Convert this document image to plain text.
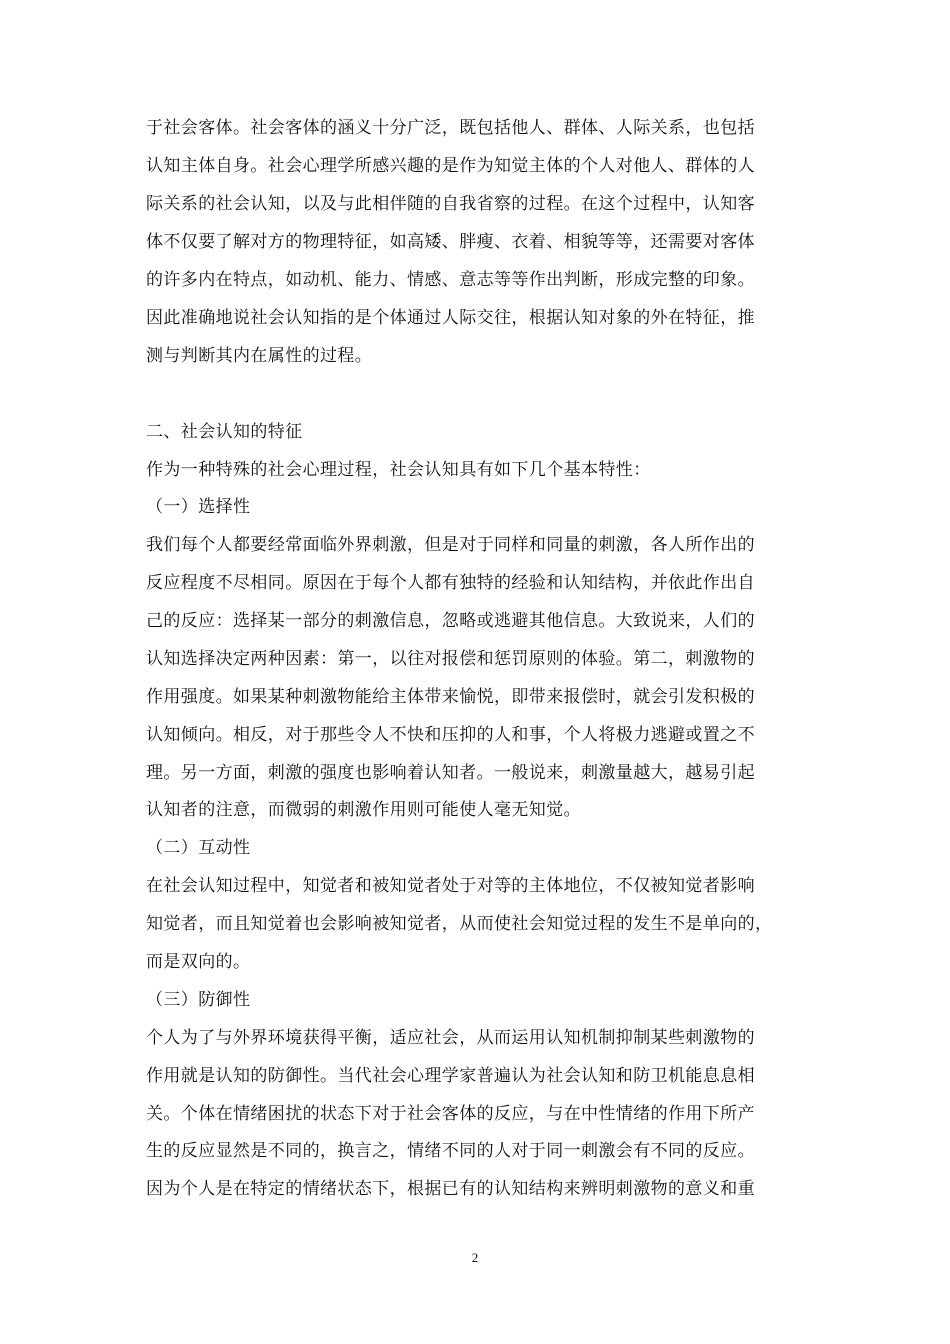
于社会客体。社会客体的涵义十分广泛，既包括他人、群体、人际关系，也包括
认知主体自身。社会心理学所感兴趣的是作为知觉主体的个人对他人、群体的人
际关系的社会认知，以及与此相伴随的自我省察的过程。在这个过程中，认知客
体不仅要了解对方的物理特征，如高矮、胖瘦、衣着、相貌等等，还需要对客体
的许多内在特点，如动机、能力、情感、意志等等作出判断，形成完整的印象。
因此准确地说社会认知指的是个体通过人际交往，根据认知对象的外在特征，推
测与判断其内在属性的过程。
二、社会认知的特征
作为一种特殊的社会心理过程，社会认知具有如下几个基本特性：
（一）选择性
我们每个人都要经常面临外界刺激，但是对于同样和同量的刺激，各人所作出的
反应程度不尽相同。原因在于每个人都有独特的经验和认知结构，并依此作出自
己的反应：选择某一部分的刺激信息，忽略或逃避其他信息。大致说来，人们的
认知选择决定两种因素：第一，以往对报偿和惩罚原则的体验。第二，刺激物的
作用强度。如果某种刺激物能给主体带来愉悦，即带来报偿时，就会引发积极的
认知倾向。相反，对于那些令人不快和压抑的人和事，个人将极力逃避或置之不
理。另一方面，刺激的强度也影响着认知者。一般说来，刺激量越大，越易引起
认知者的注意，而微弱的刺激作用则可能使人毫无知觉。
（二）互动性
在社会认知过程中，知觉者和被知觉者处于对等的主体地位，不仅被知觉者影响
知觉者，而且知觉着也会影响被知觉者，从而使社会知觉过程的发生不是单向的，
而是双向的。
（三）防御性
个人为了与外界环境获得平衡，适应社会，从而运用认知机制抑制某些刺激物的
作用就是认知的防御性。当代社会心理学家普遍认为社会认知和防卫机能息息相
关。个体在情绪困扰的状态下对于社会客体的反应，与在中性情绪的作用下所产
生的反应显然是不同的，换言之，情绪不同的人对于同一刺激会有不同的反应。
因为个人是在特定的情绪状态下，根据已有的认知结构来辨明刺激物的意义和重
2
